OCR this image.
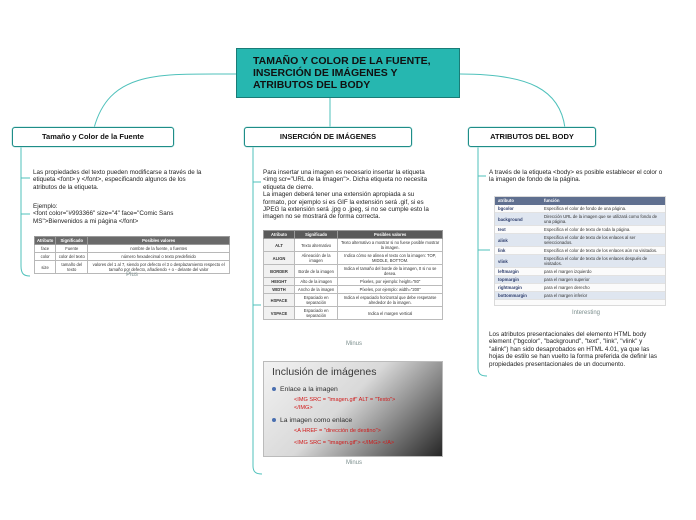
TAMAÑO Y COLOR DE LA FUENTE,
INSERCIÓN DE IMÁGENES Y
ATRIBUTOS DEL BODY
Tamaño y Color de la Fuente	INSERCIÓN DE IMÁGENES	ATRIBUTOS DEL BODY
Las propiedades del texto pueden modificarse a través de la
etiqueta <font> y </font>, especificando algunos de los
atributos de la etiqueta.
Ejemplo:
<font color="#993366" size="4" face="Comic Sans
MS">Bienvenidos a mi página </font>
Atributo	Significado	Posibles valores
face	Fuente	nombre de la fuente, o fuentes
color	color del texto	número hexadecimal o texto predefinido
size	tamaño del texto	valores del 1 al 7, siendo por defecto el 3 o desplazamiento respecto el tamaño por defecto, añadiendo + o - delante del valor
Plus
Para insertar una imagen es necesario insertar la etiqueta
<img scr="URL de la Imagen">. Dicha etiqueta no necesita
etiqueta de cierre.
La imagen deberá tener una extensión apropiada a su
formato, por ejemplo si es GIF la extensión será .gif, si es
JPEG la extensión será .jpg o .jpeg, si no se cumple esto la
imagen no se mostrará de forma correcta.
Atributo	Significado	Posibles valores
ALT	Texto alternativo	Texto alternativo a mostrar si no fuese posible mostrar la imagen.
ALIGN	Alineación de la imagen	Indica cómo se alinea el texto con la imagen: TOP, MIDDLE, BOTTOM.
BORDER	Borde de la imagen	Indica el tamaño del borde de la imagen, 0 si no se desea.
HEIGHT	Alto de la imagen	Píxeles, por ejemplo: height="80"
WIDTH	Ancho de la imagen	Píxeles, por ejemplo: width="200"
HSPACE	Espaciado en separación	Indica el espaciado horizontal que debe respetarse alrededor de la imagen.
VSPACE	Espaciado en separación	Indica el margen vertical
Minus
Inclusión de imágenes
Enlace a la imagen
<IMG SRC = "imagen.gif" ALT = "Texto">
</IMG>
La imagen como enlace
<A HREF = "dirección de destino">
<IMG SRC = "imagen.gif"> </IMG> </A>
Minus
A través de la etiqueta <body> es posible establecer el color o
la imagen de fondo de la página.
atributo	función
bgcolor	Especifica el color de fondo de una página.
background	Dirección URL de la imagen que se utilizará como fondo de una página.
text	Especifica el color de texto de toda la página.
alink	Especifica el color de texto de los enlaces al ser seleccionados.
link	Especifica el color de texto de los enlaces aún no visitados.
vlink	Especifica el color de texto de los enlaces después de visitados.
leftmargin	para el margen izquierdo
topmargin	para el margen superior
rightmargin	para el margen derecho
bottommargin	para el margen inferior
Interesting
Los atributos presentacionales del elemento HTML body
element ("bgcolor", "background", "text", "link", "vlink" y
"alink") han sido desaprobados en HTML 4.01, ya que las
hojas de estilo se han vuelto la forma preferida de definir las
propiedades presentacionales de un documento.
